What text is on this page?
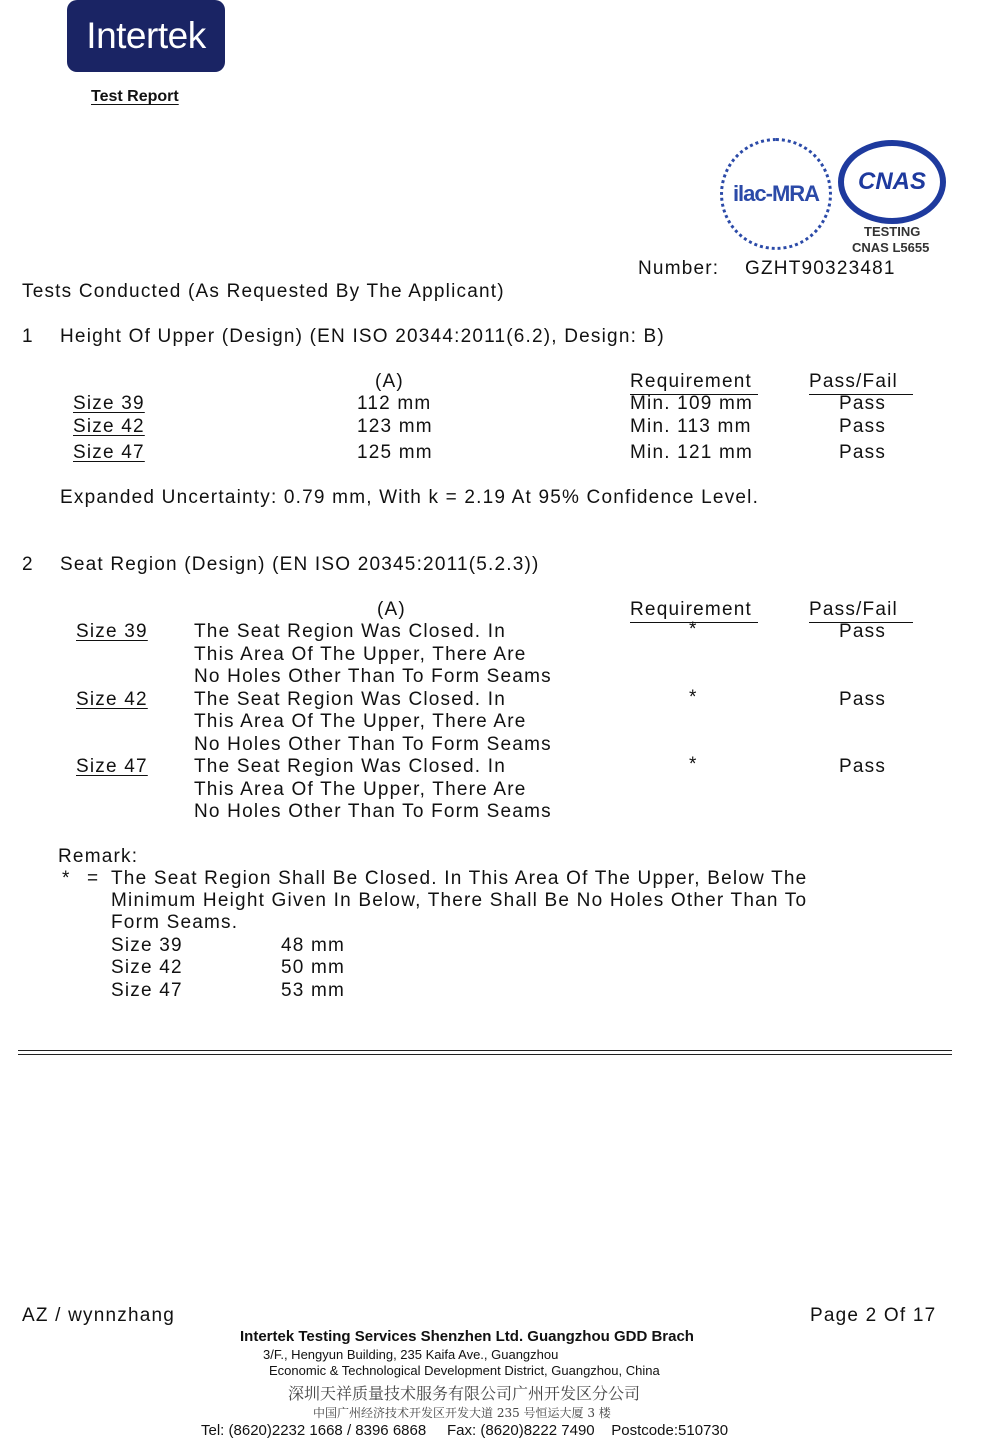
Intertek
Test Report
ilac-MRA CNAS
TESTING
CNAS L5655
Number: GZHT90323481
Tests Conducted (As Requested By The Applicant)
1 Height Of Upper (Design) (EN ISO 20344:2011(6.2), Design: B)
(A)	Requirement	Pass/Fail
Size 39	112 mm	Min. 109 mm	Pass
Size 42	123 mm	Min. 113 mm	Pass
Size 47	125 mm	Min. 121 mm	Pass
Expanded Uncertainty: 0.79 mm, With k = 2.19 At 95% Confidence Level.
2 Seat Region (Design) (EN ISO 20345:2011(5.2.3))
(A)	Requirement	Pass/Fail
Size 39 The Seat Region Was Closed. In
This Area Of The Upper, There Are
No Holes Other Than To Form Seams
*	Pass
Size 42 The Seat Region Was Closed. In
This Area Of The Upper, There Are
No Holes Other Than To Form Seams
*	Pass
Size 47 The Seat Region Was Closed. In
This Area Of The Upper, There Are
No Holes Other Than To Form Seams
*	Pass
Remark:
* = The Seat Region Shall Be Closed. In This Area Of The Upper, Below The
Minimum Height Given In Below, There Shall Be No Holes Other Than To
Form Seams.
Size 39	48 mm
Size 42	50 mm
Size 47	53 mm
AZ / wynnzhang	Page 2 Of 17
Intertek Testing Services Shenzhen Ltd. Guangzhou GDD Brach
3/F., Hengyun Building, 235 Kaifa Ave., Guangzhou
Economic & Technological Development District, Guangzhou, China
深圳天祥质量技术服务有限公司广州开发区分公司
中国广州经济技术开发区开发大道 235 号恒运大厦 3 楼
Tel: (8620)2232 1668 / 8396 6868     Fax: (8620)8222 7490    Postcode:510730
